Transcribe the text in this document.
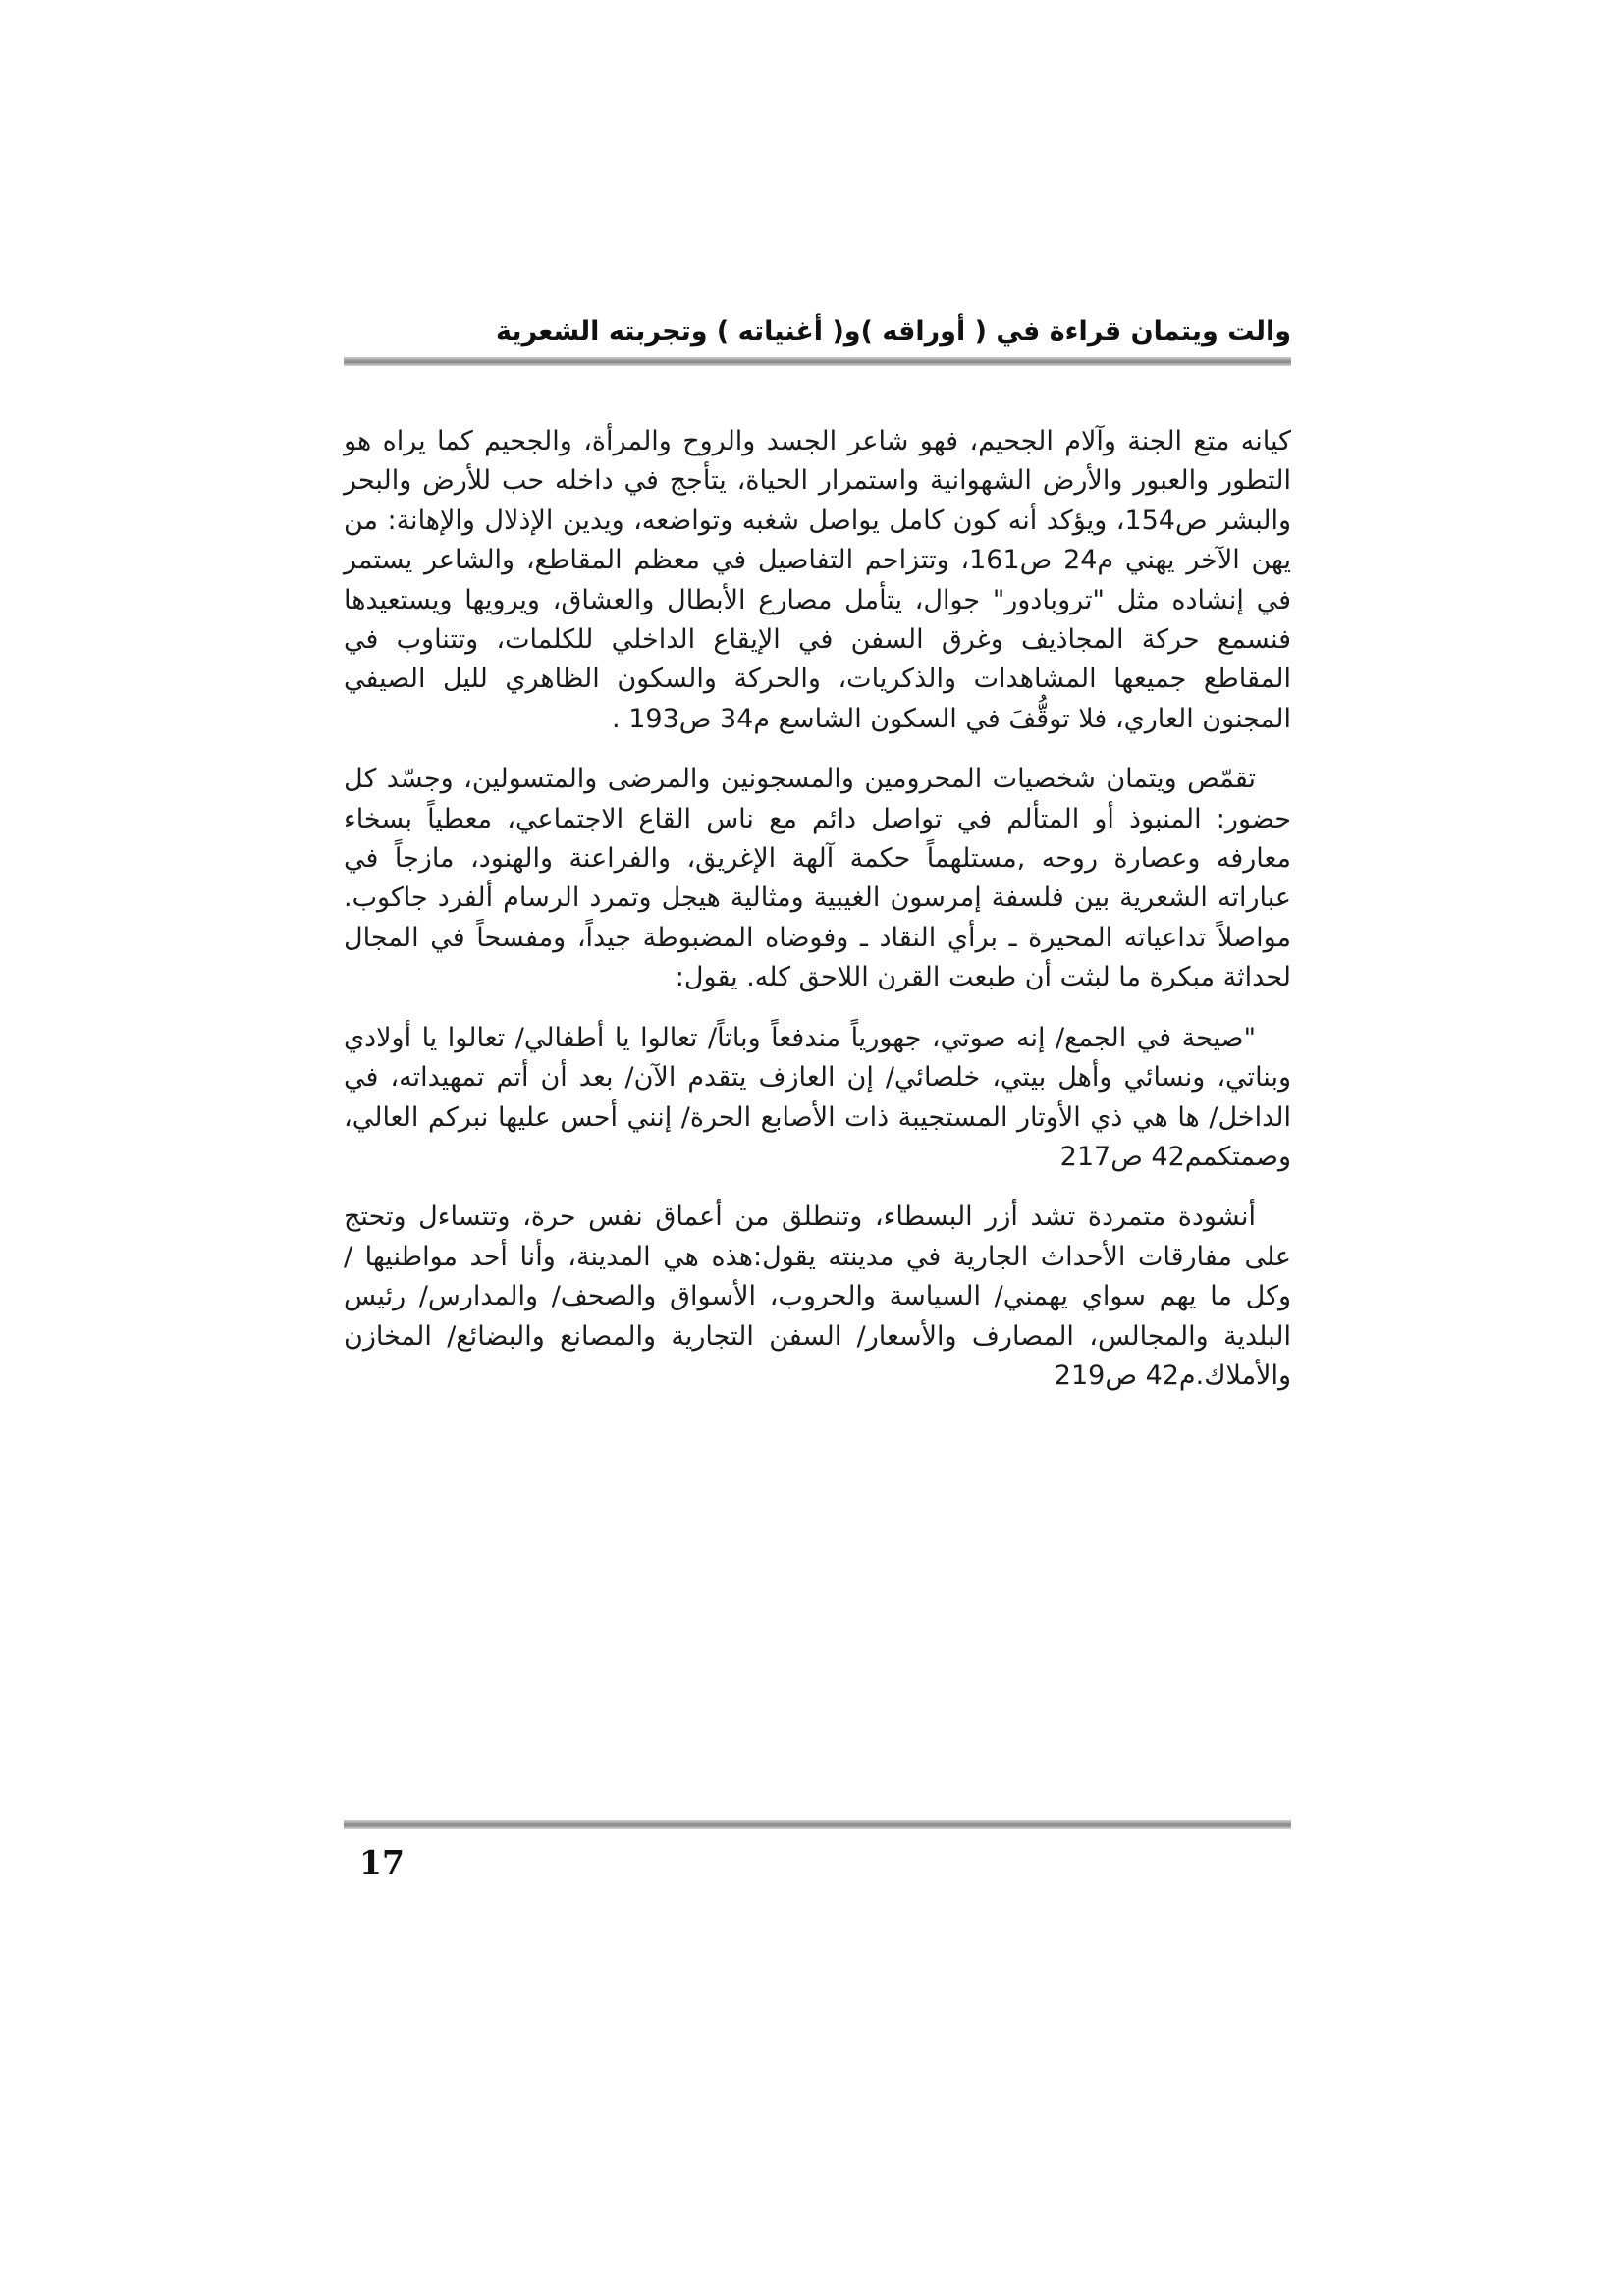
والت ويتمان قراءة في ( أوراقه )و( أغنياته ) وتجربته الشعرية

كيانه متع الجنة وآلام الجحيم، فهو شاعر الجسد والروح والمرأة، والجحيم كما يراه هو التطور والعبور والأرض الشهوانية واستمرار الحياة، يتأجج في داخله حب للأرض والبحر والبشر ص154، ويؤكد أنه كون كامل يواصل شغبه وتواضعه، ويدين الإذلال والإهانة: من يهن الآخر يهني م24 ص161، وتتزاحم التفاصيل في معظم المقاطع، والشاعر يستمر في إنشاده مثل "تروبادور" جوال، يتأمل مصارع الأبطال والعشاق، ويرويها ويستعيدها فنسمع حركة المجاذيف وغرق السفن في الإيقاع الداخلي للكلمات، وتتناوب في المقاطع جميعها المشاهدات والذكريات، والحركة والسكون الظاهري لليل الصيفي المجنون العاري، فلا توقُّفَ في السكون الشاسع م34 ص193 .

تقمّص ويتمان شخصيات المحرومين والمسجونين والمرضى والمتسولين، وجسّد كل حضور: المنبوذ أو المتألم في تواصل دائم مع ناس القاع الاجتماعي، معطياً بسخاء معارفه وعصارة روحه ,مستلهماً حكمة آلهة الإغريق، والفراعنة والهنود، مازجاً في عباراته الشعرية بين فلسفة إمرسون الغيبية ومثالية هيجل وتمرد الرسام ألفرد جاكوب. مواصلاً تداعياته المحيرة ـ برأي النقاد ـ وفوضاه المضبوطة جيداً، ومفسحاً في المجال لحداثة مبكرة ما لبثت أن طبعت القرن اللاحق كله. يقول:

"صيحة في الجمع/ إنه صوتي، جهورياً مندفعاً وباتاً/ تعالوا يا أطفالي/ تعالوا يا أولادي وبناتي، ونسائي وأهل بيتي، خلصائي/ إن العازف يتقدم الآن/ بعد أن أتم تمهيداته، في الداخل/ ها هي ذي الأوتار المستجيبة ذات الأصابع الحرة/ إنني أحس عليها نبركم العالي، وصمتكمم42 ص217

أنشودة متمردة تشد أزر البسطاء، وتنطلق من أعماق نفس حرة، وتتساءل وتحتج على مفارقات الأحداث الجارية في مدينته يقول:هذه هي المدينة، وأنا أحد مواطنيها / وكل ما يهم سواي يهمني/ السياسة والحروب، الأسواق والصحف/ والمدارس/ رئيس البلدية والمجالس، المصارف والأسعار/ السفن التجارية والمصانع والبضائع/ المخازن والأملاك.م42 ص219

17
